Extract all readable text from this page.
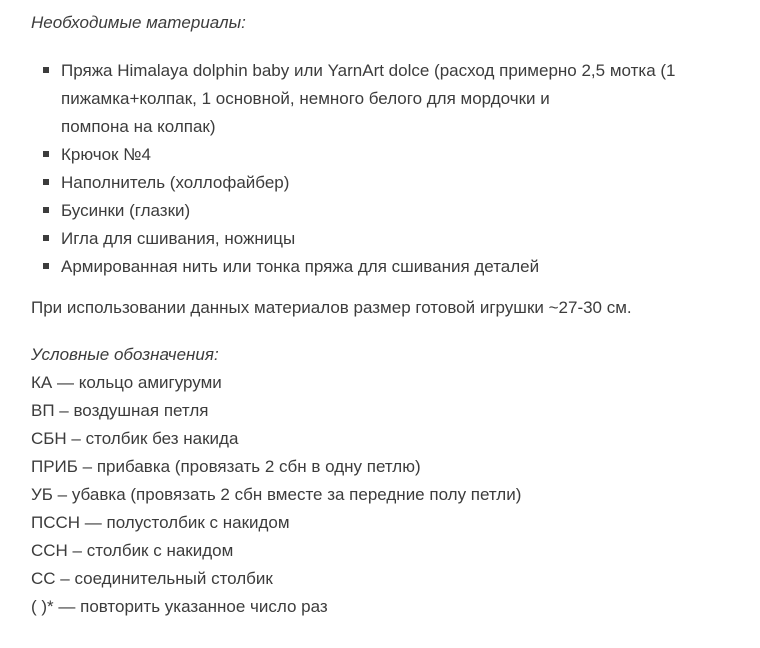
Необходимые материалы:
Пряжа Himalaya dolphin baby или YarnArt dolce (расход примерно 2,5 мотка (1
пижамка+колпак, 1 основной, немного белого для мордочки и
помпона на колпак)
Крючок №4
Наполнитель (холлофайбер)
Бусинки (глазки)
Игла для сшивания, ножницы
Армированная нить или тонка пряжа для сшивания деталей
При использовании данных материалов размер готовой игрушки ~27-30 см.
Условные обозначения:
КА — кольцо амигуруми
ВП – воздушная петля
СБН – столбик без накида
ПРИБ – прибавка (провязать 2 сбн в одну петлю)
УБ – убавка (провязать 2 сбн вместе за передние полу петли)
ПССН — полустолбик с накидом
ССН – столбик с накидом
СС – соединительный столбик
( )* — повторить указанное число раз
